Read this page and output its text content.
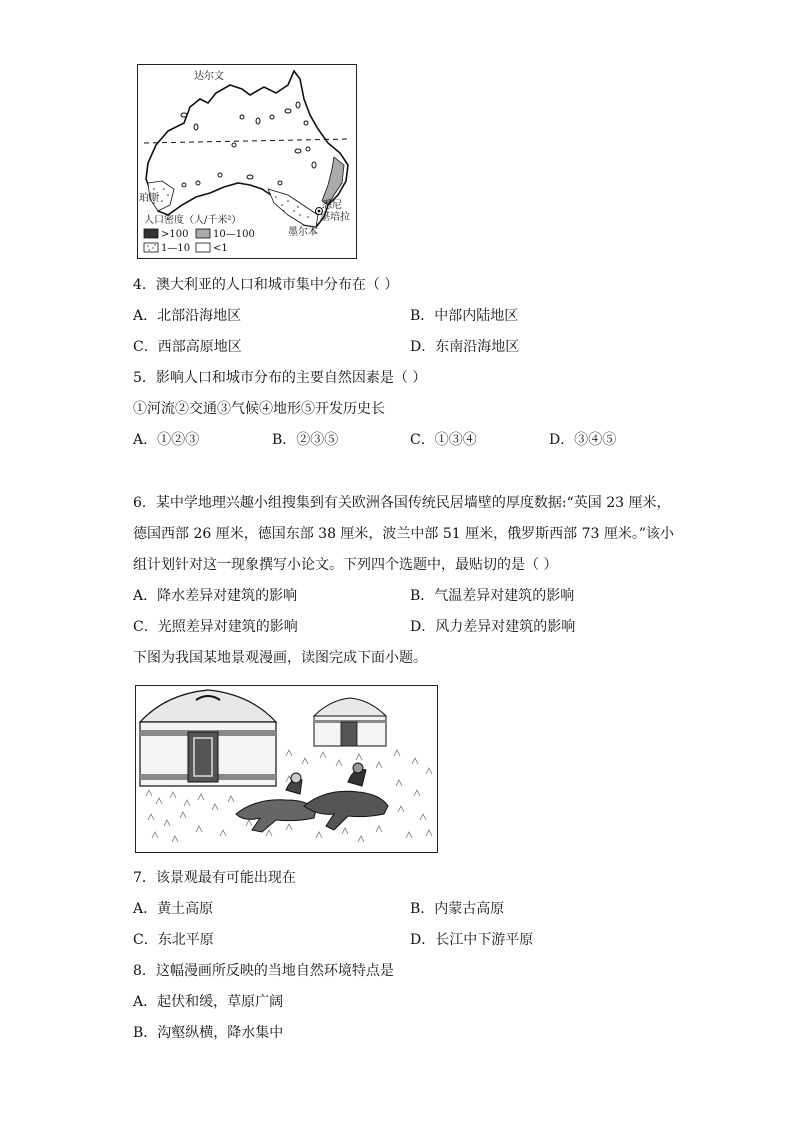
达尔文
珀斯
悉尼
堪培拉
墨尔本
人口密度（人/千米²）
>100 10—100
1—10 <1
4．澳大利亚的人口和城市集中分布在（ ）
A．北部沿海地区	B．中部内陆地区
C．西部高原地区	D．东南沿海地区
5．影响人口和城市分布的主要自然因素是（ ）
①河流②交通③气候④地形⑤开发历史长
A．①②③	B．②③⑤	C．①③④	D．③④⑤
6．某中学地理兴趣小组搜集到有关欧洲各国传统民居墙壁的厚度数据:“英国 23 厘米，
德国西部 26 厘米，德国东部 38 厘米，波兰中部 51 厘米，俄罗斯西部 73 厘米。”该小
组计划针对这一现象撰写小论文。下列四个选题中，最贴切的是（ ）
A．降水差异对建筑的影响	B．气温差异对建筑的影响
C．光照差异对建筑的影响	D．风力差异对建筑的影响
下图为我国某地景观漫画，读图完成下面小题。
7．该景观最有可能出现在
A．黄土高原	B．内蒙古高原
C．东北平原	D．长江中下游平原
8．这幅漫画所反映的当地自然环境特点是
A．起伏和缓，草原广阔
B．沟壑纵横，降水集中
